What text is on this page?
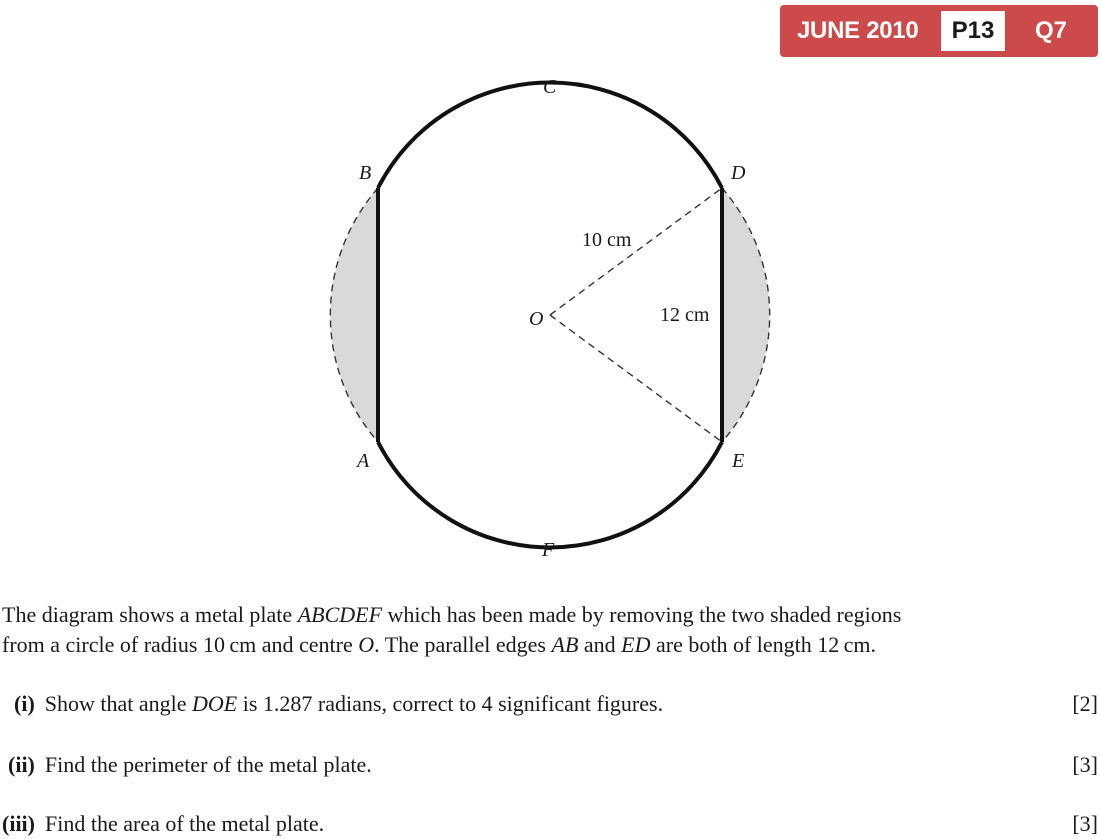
JUNE 2010	P13	Q7
C
B	D
O
A	E
F
10 cm
12 cm
The diagram shows a metal plate ABCDEF which has been made by removing the two shaded regions
from a circle of radius 10 cm and centre O. The parallel edges AB and ED are both of length 12 cm.
(i) Show that angle DOE is 1.287 radians, correct to 4 significant figures.	[2]
(ii) Find the perimeter of the metal plate.	[3]
(iii) Find the area of the metal plate.	[3]
